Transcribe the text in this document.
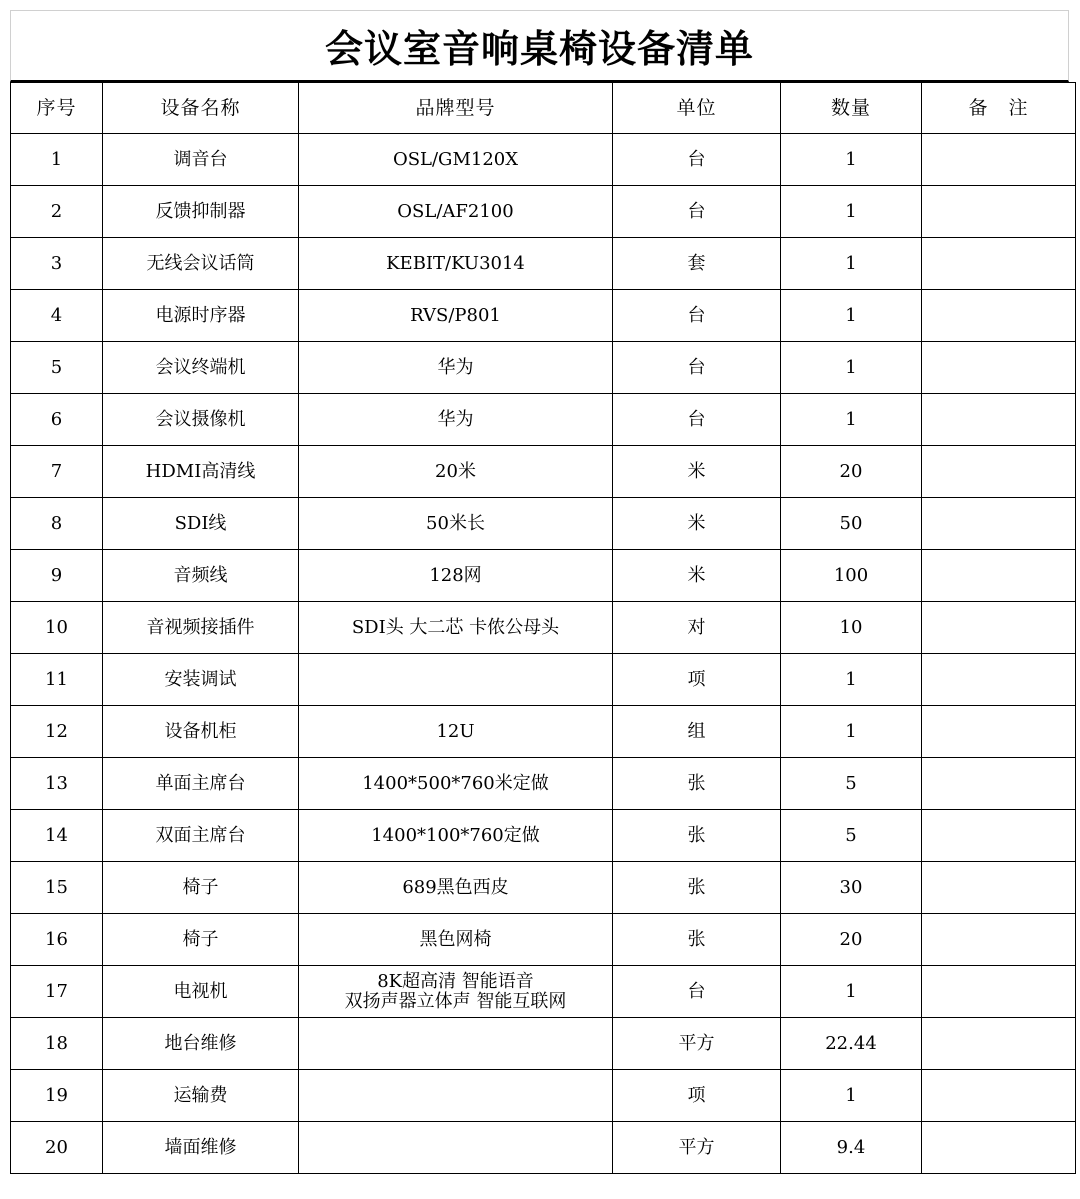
会议室音响桌椅设备清单
序号	设备名称	品牌型号	单位	数量	备　注
1	调音台	OSL/GM120X	台	1	
2	反馈抑制器	OSL/AF2100	台	1	
3	无线会议话筒	KEBIT/KU3014	套	1	
4	电源时序器	RVS/P801	台	1	
5	会议终端机	华为	台	1	
6	会议摄像机	华为	台	1	
7	HDMI高清线	20米	米	20	
8	SDI线	50米长	米	50	
9	音频线	128网	米	100	
10	音视频接插件	SDI头 大二芯 卡侬公母头	对	10	
11	安装调试		项	1	
12	设备机柜	12U	组	1	
13	单面主席台	1400*500*760米定做	张	5	
14	双面主席台	1400*100*760定做	张	5	
15	椅子	689黑色西皮	张	30	
16	椅子	黑色网椅	张	20	
17	电视机	8K超高清 智能语音
双扬声器立体声 智能互联网	台	1	
18	地台维修		平方	22.44	
19	运输费		项	1	
20	墙面维修		平方	9.4	
